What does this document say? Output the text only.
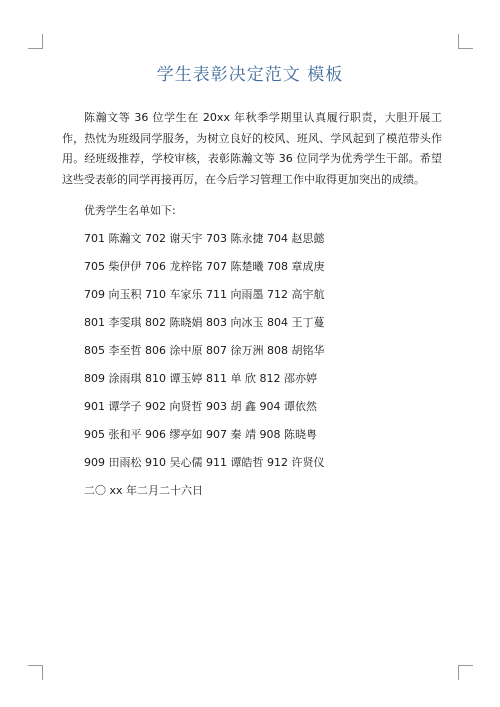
学生表彰决定范文 模板

陈瀚文等 36 位学生在 20xx 年秋季学期里认真履行职责，大胆开展工作，热忱为班级同学服务，为树立良好的校风、班风、学风起到了模范带头作用。经班级推荐，学校审核，表彰陈瀚文等 36 位同学为优秀学生干部。希望这些受表彰的同学再接再厉，在今后学习管理工作中取得更加突出的成绩。

优秀学生名单如下:

701 陈瀚文 702 谢天宇 703 陈永捷 704 赵思懿

705 柴伊伊 706 龙梓铭 707 陈楚曦 708 章成庚

709 向玉积 710 车家乐 711 向雨墨 712 高宇航

801 李雯琪 802 陈晓娟 803 向冰玉 804 王丁蔓

805 李至哲 806 涂中原 807 徐万洲 808 胡铭华

809 涂雨琪 810 谭玉婷 811 单 欣 812 邵亦婷

901 谭学子 902 向贤哲 903 胡 鑫 904 谭依然

905 张和平 906 缪亭如 907 秦 靖 908 陈晓粤

909 田雨松 910 吴心儒 911 谭皓哲 912 许贤仪

二〇 xx 年二月二十六日
